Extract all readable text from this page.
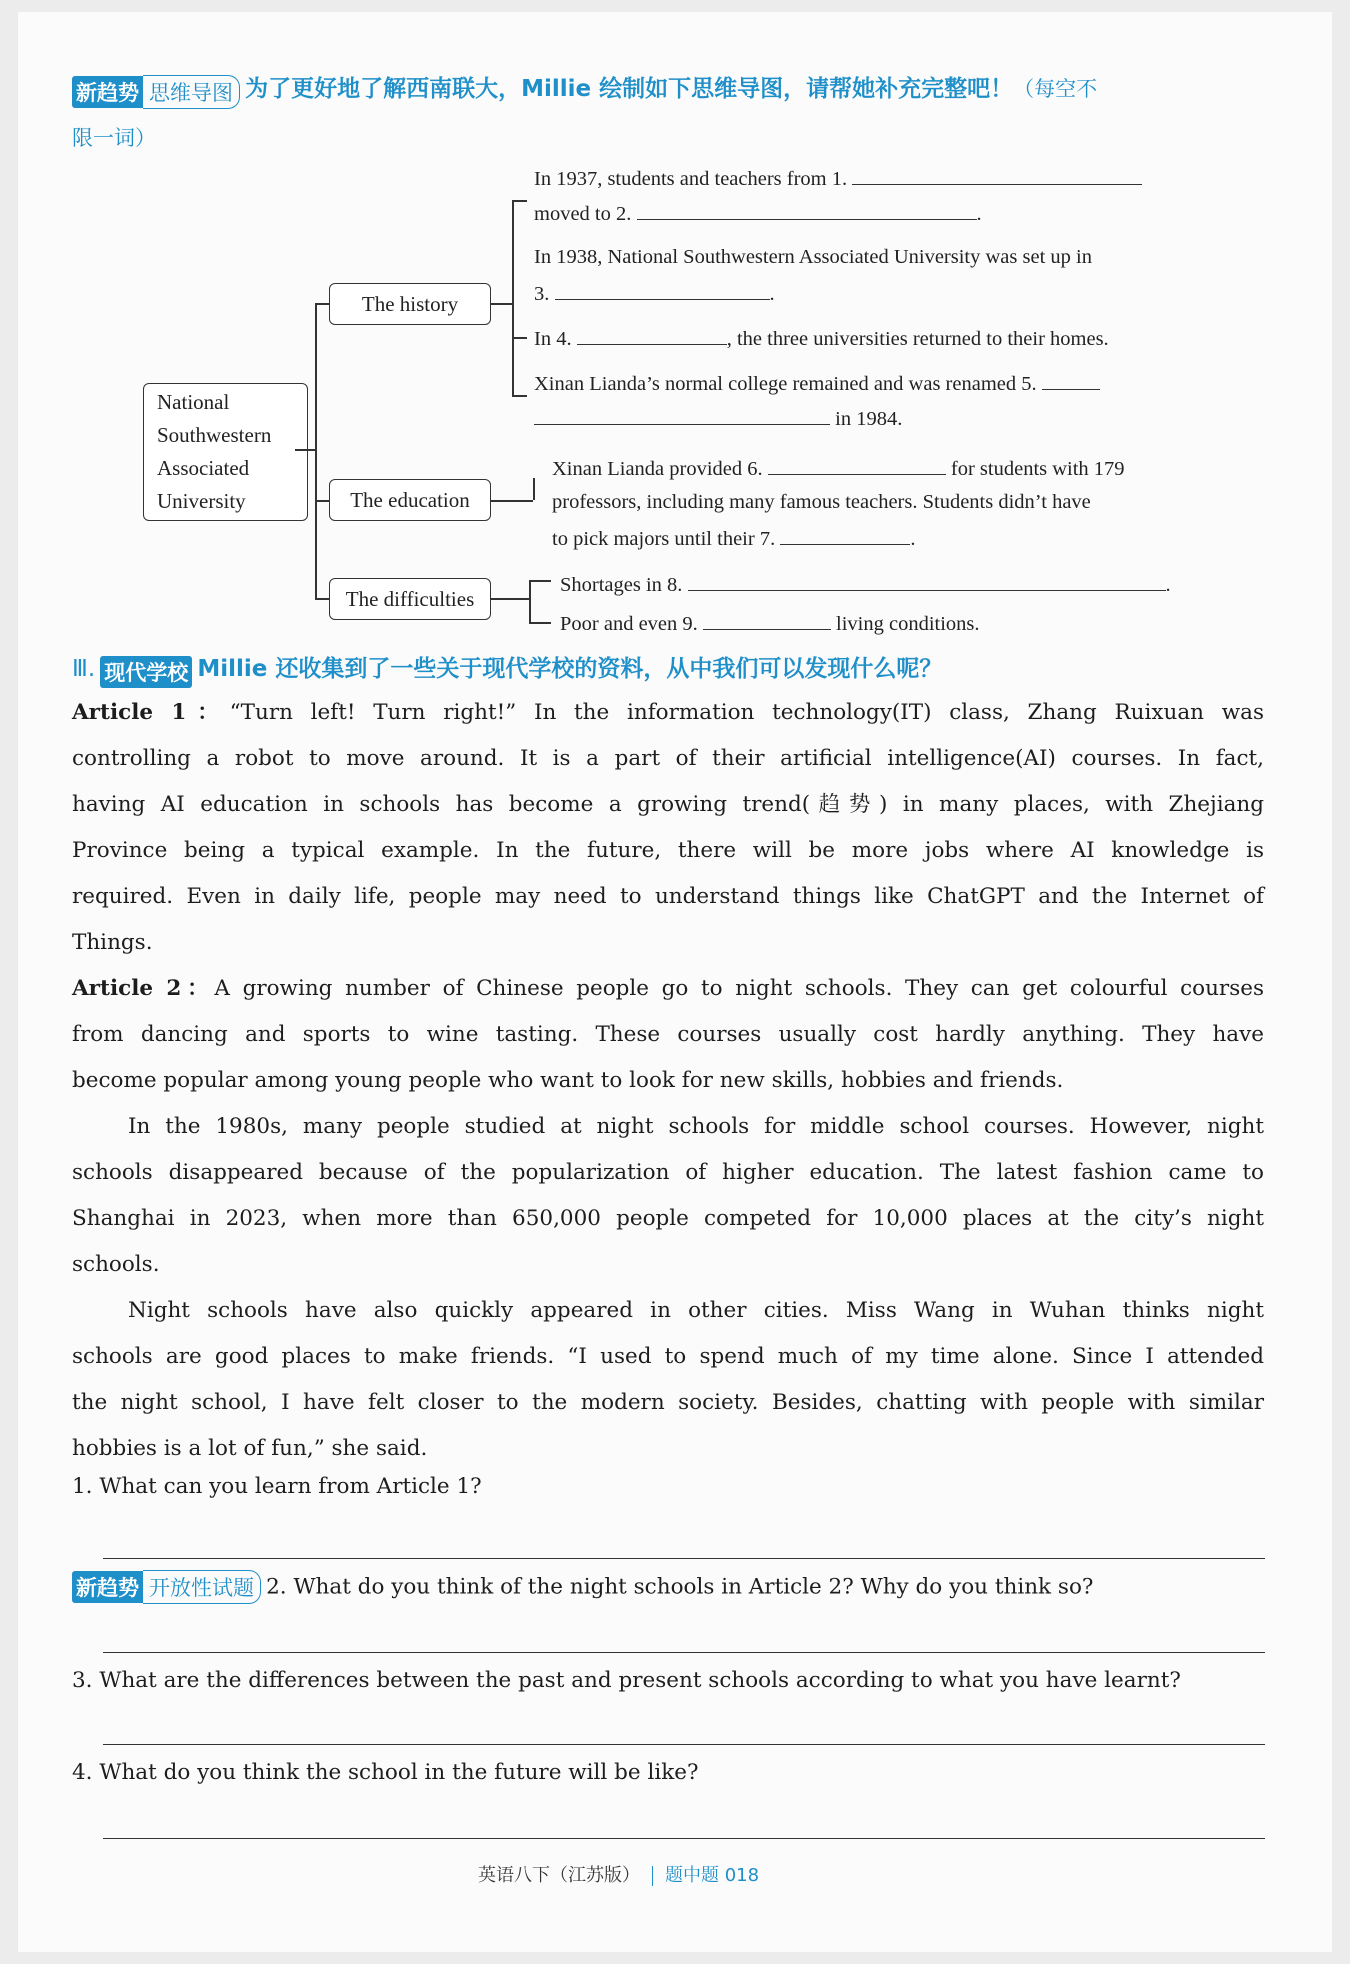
新趋势 思维导图 为了更好地了解西南联大，Millie 绘制如下思维导图，请帮她补充完整吧！（每空不
限一词）
National
Southwestern
Associated
University
The history
The education
The difficulties
In 1937, students and teachers from 1.
moved to 2.	.
In 1938, National Southwestern Associated University was set up in
3.	.
In 4.	, the three universities returned to their homes.
Xinan Lianda’s normal college remained and was renamed 5.
in 1984.
Xinan Lianda provided 6.	for students with 179
professors, including many famous teachers. Students didn’t have
to pick majors until their 7.	.
Shortages in 8.	.
Poor and even 9.	living conditions.
Ⅲ. 现代学校 Millie 还收集到了一些关于现代学校的资料，从中我们可以发现什么呢？
Article 1：“Turn left! Turn right!” In the information technology(IT) class, Zhang Ruixuan was
controlling a robot to move around. It is a part of their artificial intelligence(AI) courses. In fact,
having AI education in schools has become a growing trend(趋势) in many places, with Zhejiang
Province being a typical example. In the future, there will be more jobs where AI knowledge is
required. Even in daily life, people may need to understand things like ChatGPT and the Internet of
Things.
Article 2：A growing number of Chinese people go to night schools. They can get colourful courses
from dancing and sports to wine tasting. These courses usually cost hardly anything. They have
become popular among young people who want to look for new skills, hobbies and friends.
In the 1980s, many people studied at night schools for middle school courses. However, night
schools disappeared because of the popularization of higher education. The latest fashion came to
Shanghai in 2023, when more than 650,000 people competed for 10,000 places at the city’s night
schools.
Night schools have also quickly appeared in other cities. Miss Wang in Wuhan thinks night
schools are good places to make friends. “I used to spend much of my time alone. Since I attended
the night school, I have felt closer to the modern society. Besides, chatting with people with similar
hobbies is a lot of fun,” she said.
1. What can you learn from Article 1?
新趋势 开放性试题 2. What do you think of the night schools in Article 2? Why do you think so?
3. What are the differences between the past and present schools according to what you have learnt?
4. What do you think the school in the future will be like?
英语八下（江苏版） 题中题 018
